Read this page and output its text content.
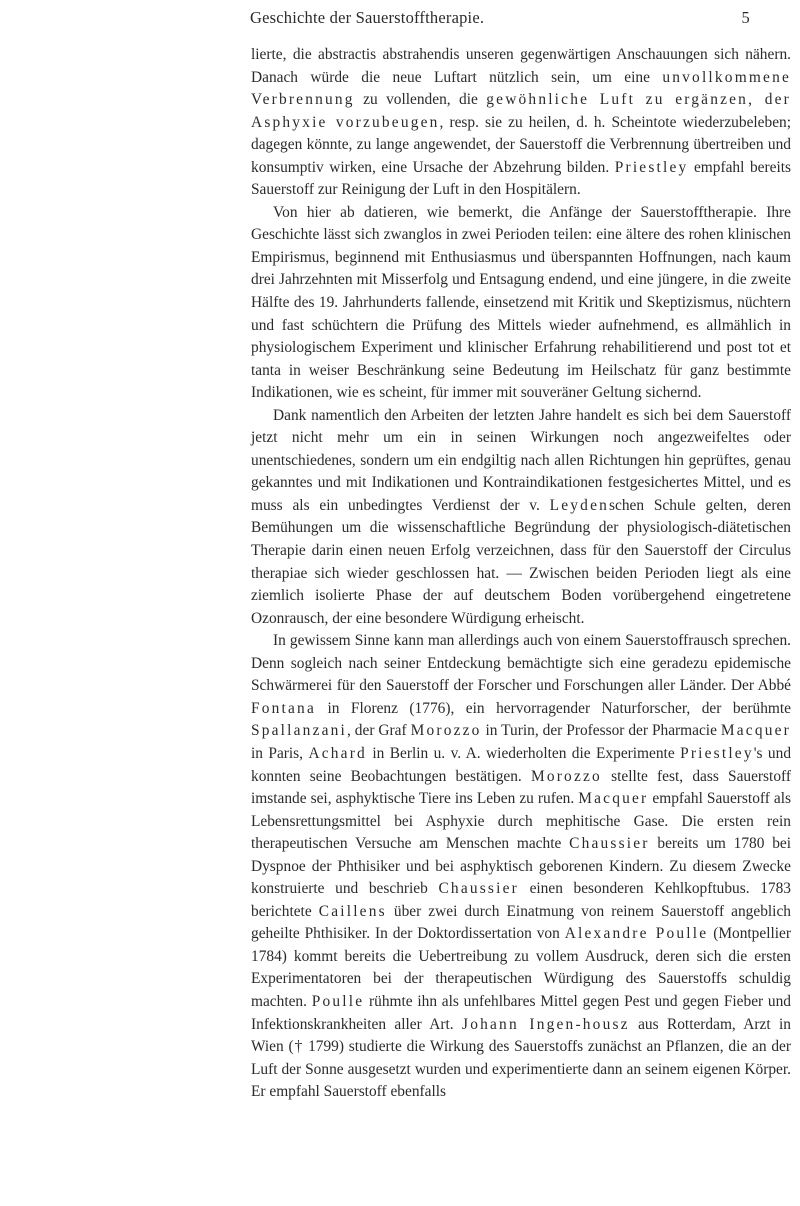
Geschichte der Sauerstofftherapie.	5

lierte, die abstractis abstrahendis unseren gegenwärtigen Anschauungen sich nähern. Danach würde die neue Luftart nützlich sein, um eine unvollkommene Verbrennung zu vollenden, die gewöhnliche Luft zu ergänzen, der Asphyxie vorzubeugen, resp. sie zu heilen, d. h. Scheintote wiederzubeleben; dagegen könnte, zu lange angewendet, der Sauerstoff die Verbrennung übertreiben und konsumptiv wirken, eine Ursache der Abzehrung bilden. Priestley empfahl bereits Sauerstoff zur Reinigung der Luft in den Hospitälern.

Von hier ab datieren, wie bemerkt, die Anfänge der Sauerstofftherapie. Ihre Geschichte lässt sich zwanglos in zwei Perioden teilen: eine ältere des rohen klinischen Empirismus, beginnend mit Enthusiasmus und überspannten Hoffnungen, nach kaum drei Jahrzehnten mit Misserfolg und Entsagung endend, und eine jüngere, in die zweite Hälfte des 19. Jahrhunderts fallende, einsetzend mit Kritik und Skeptizismus, nüchtern und fast schüchtern die Prüfung des Mittels wieder aufnehmend, es allmählich in physiologischem Experiment und klinischer Erfahrung rehabilitierend und post tot et tanta in weiser Beschränkung seine Bedeutung im Heilschatz für ganz bestimmte Indikationen, wie es scheint, für immer mit souveräner Geltung sichernd.

Dank namentlich den Arbeiten der letzten Jahre handelt es sich bei dem Sauerstoff jetzt nicht mehr um ein in seinen Wirkungen noch angezweifeltes oder unentschiedenes, sondern um ein endgiltig nach allen Richtungen hin geprüftes, genau gekanntes und mit Indikationen und Kontraindikationen festgesichertes Mittel, und es muss als ein unbedingtes Verdienst der v. Leydenschen Schule gelten, deren Bemühungen um die wissenschaftliche Begründung der physiologisch-diätetischen Therapie darin einen neuen Erfolg verzeichnen, dass für den Sauerstoff der Circulus therapiae sich wieder geschlossen hat. — Zwischen beiden Perioden liegt als eine ziemlich isolierte Phase der auf deutschem Boden vorübergehend eingetretene Ozonrausch, der eine besondere Würdigung erheischt.

In gewissem Sinne kann man allerdings auch von einem Sauerstoffrausch sprechen. Denn sogleich nach seiner Entdeckung bemächtigte sich eine geradezu epidemische Schwärmerei für den Sauerstoff der Forscher und Forschungen aller Länder. Der Abbé Fontana in Florenz (1776), ein hervorragender Naturforscher, der berühmte Spallanzani, der Graf Morozzo in Turin, der Professor der Pharmacie Macquer in Paris, Achard in Berlin u. v. A. wiederholten die Experimente Priestley's und konnten seine Beobachtungen bestätigen. Morozzo stellte fest, dass Sauerstoff imstande sei, asphyktische Tiere ins Leben zu rufen. Macquer empfahl Sauerstoff als Lebensrettungsmittel bei Asphyxie durch mephitische Gase. Die ersten rein therapeutischen Versuche am Menschen machte Chaussier bereits um 1780 bei Dyspnoe der Phthisiker und bei asphyktisch geborenen Kindern. Zu diesem Zwecke konstruierte und beschrieb Chaussier einen besonderen Kehlkopftubus. 1783 berichtete Caillens über zwei durch Einatmung von reinem Sauerstoff angeblich geheilte Phthisiker. In der Doktordissertation von Alexandre Poulle (Montpellier 1784) kommt bereits die Uebertreibung zu vollem Ausdruck, deren sich die ersten Experimentatoren bei der therapeutischen Würdigung des Sauerstoffs schuldig machten. Poulle rühmte ihn als unfehlbares Mittel gegen Pest und gegen Fieber und Infektionskrankheiten aller Art. Johann Ingen-housz aus Rotterdam, Arzt in Wien († 1799) studierte die Wirkung des Sauerstoffs zunächst an Pflanzen, die an der Luft der Sonne ausgesetzt wurden und experimentierte dann an seinem eigenen Körper. Er empfahl Sauerstoff ebenfalls
